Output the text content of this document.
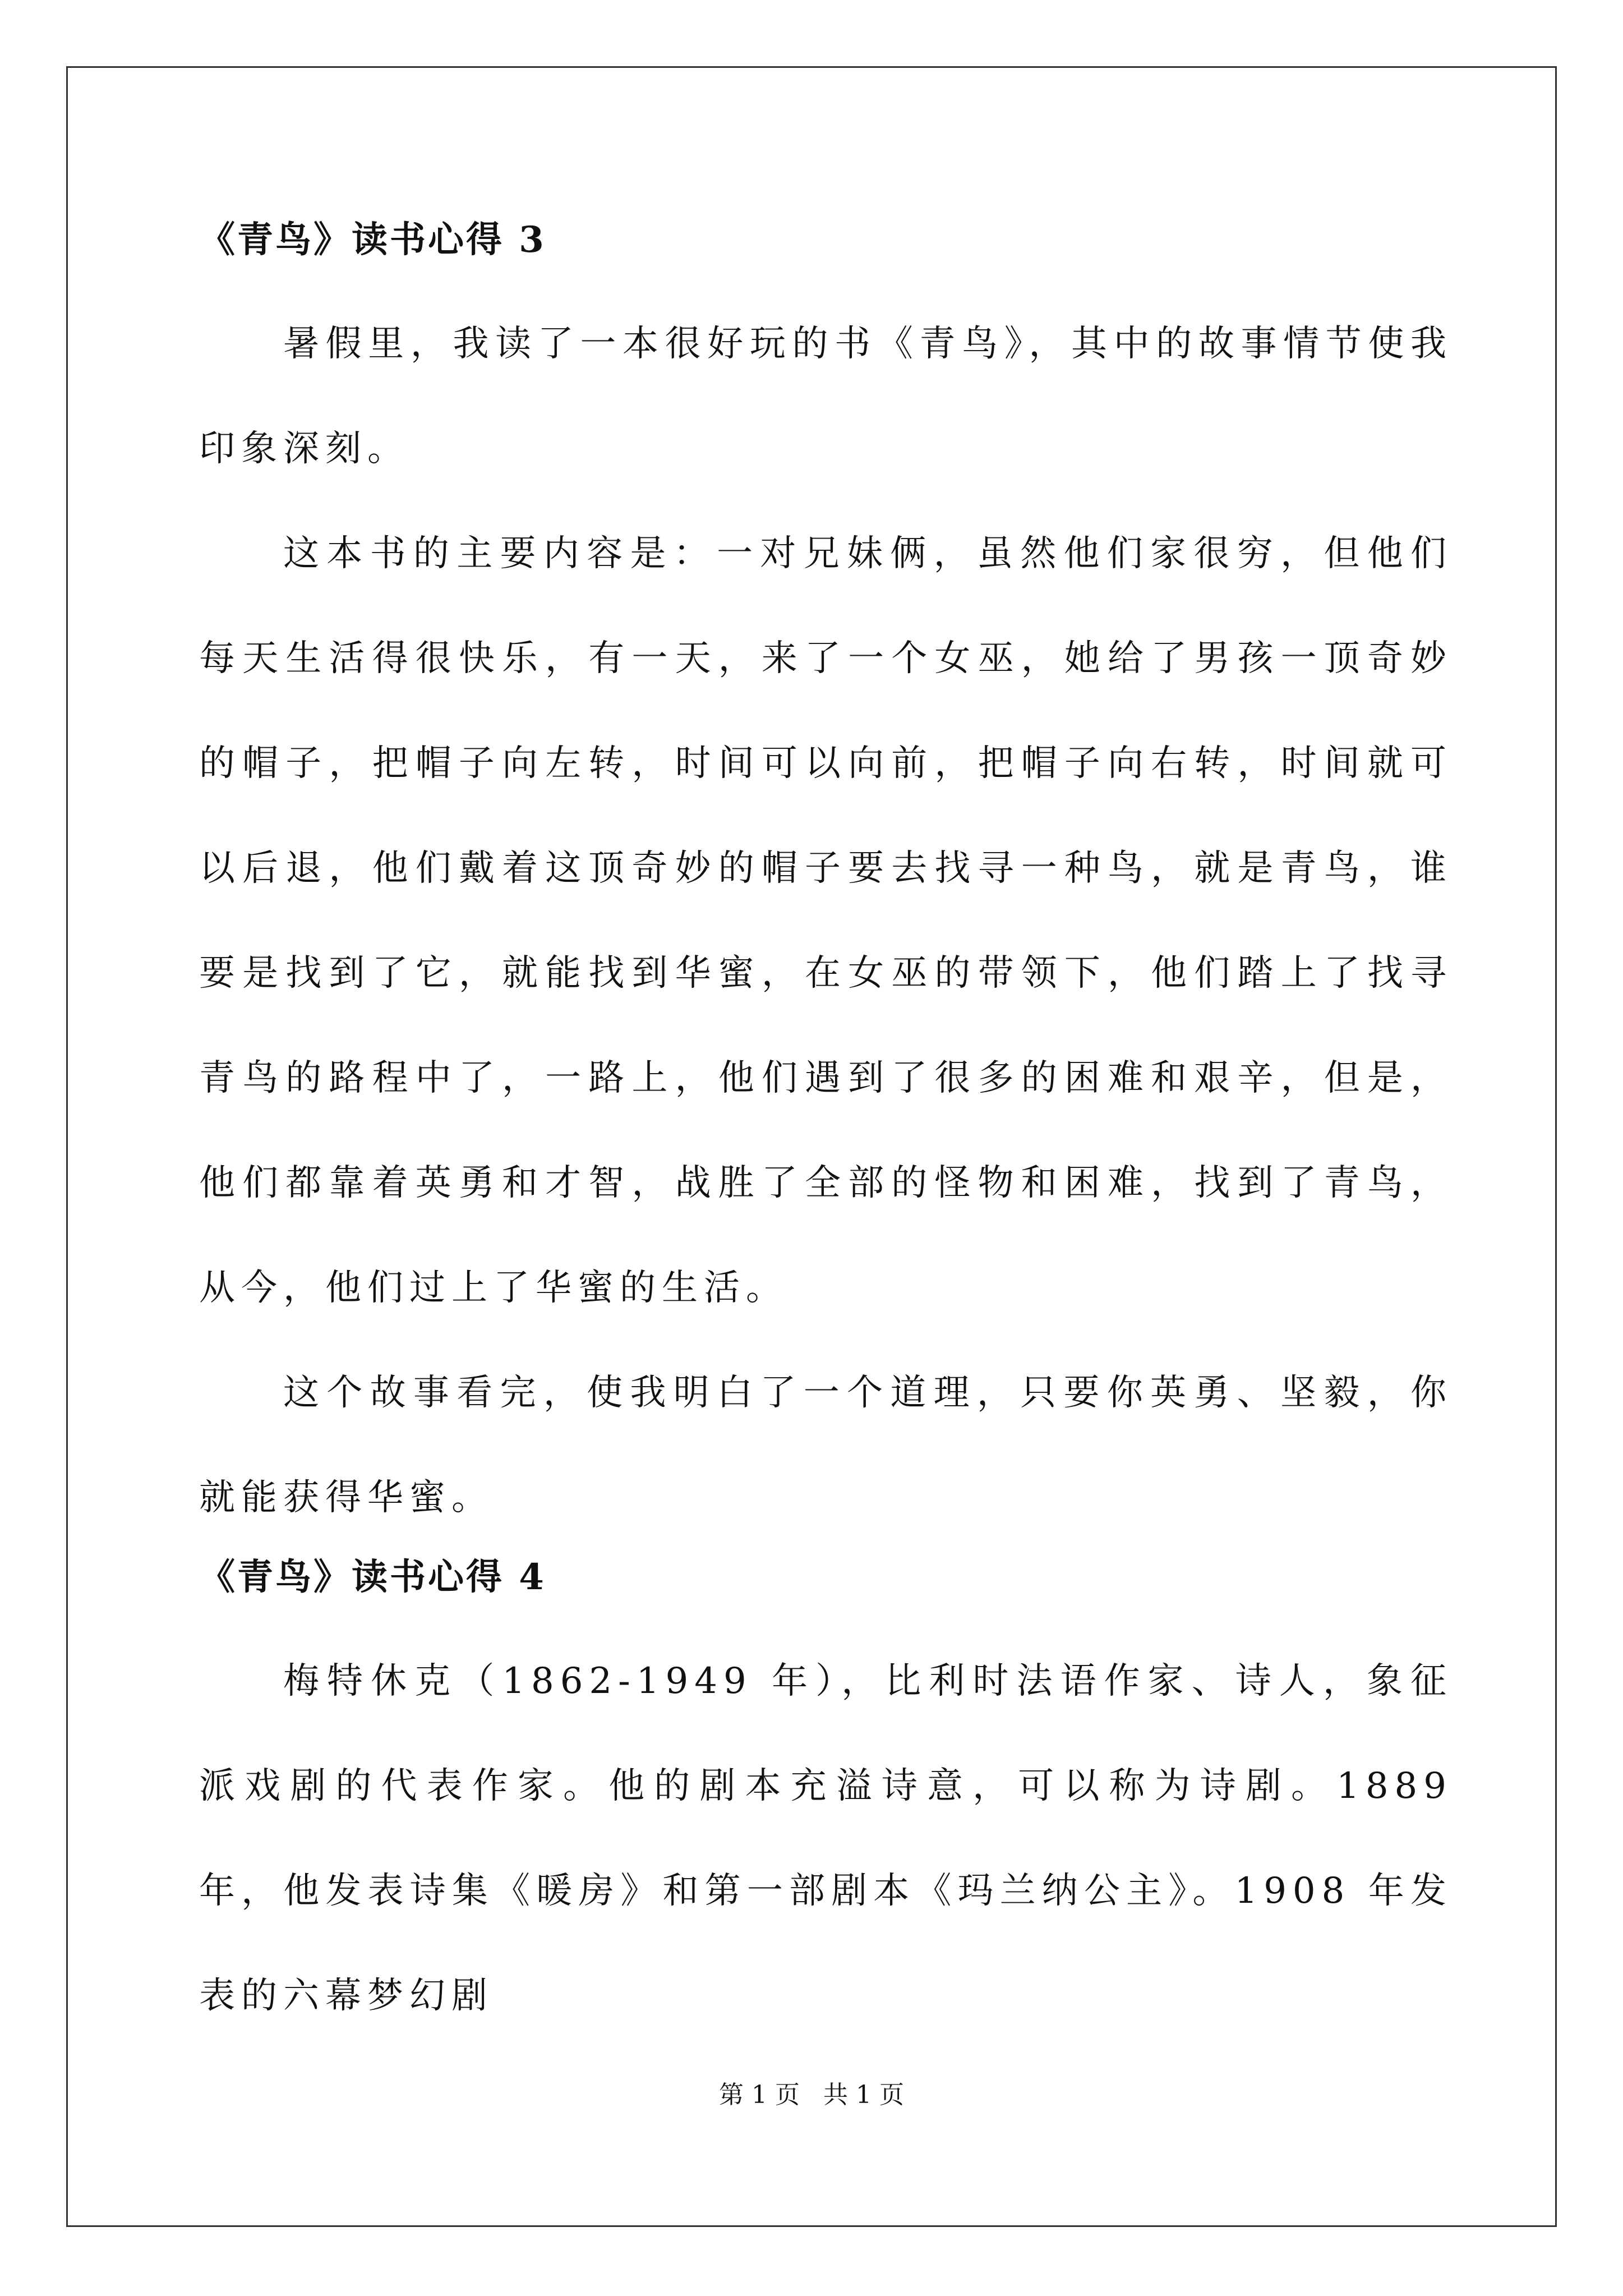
《青鸟》读书心得 3

暑假里，我读了一本很好玩的书《青鸟》，其中的故事情节使我印象深刻。

这本书的主要内容是：一对兄妹俩，虽然他们家很穷，但他们每天生活得很快乐，有一天，来了一个女巫，她给了男孩一顶奇妙的帽子，把帽子向左转，时间可以向前，把帽子向右转，时间就可以后退，他们戴着这顶奇妙的帽子要去找寻一种鸟，就是青鸟，谁要是找到了它，就能找到华蜜，在女巫的带领下，他们踏上了找寻青鸟的路程中了，一路上，他们遇到了很多的困难和艰辛，但是，他们都靠着英勇和才智，战胜了全部的怪物和困难，找到了青鸟，从今，他们过上了华蜜的生活。

这个故事看完，使我明白了一个道理，只要你英勇、坚毅，你就能获得华蜜。

《青鸟》读书心得 4

梅特休克（1862-1949 年），比利时法语作家、诗人，象征派戏剧的代表作家。他的剧本充溢诗意，可以称为诗剧。1889 年，他发表诗集《暖房》和第一部剧本《玛兰纳公主》。1908 年发表的六幕梦幻剧

第 1 页   共 1 页
